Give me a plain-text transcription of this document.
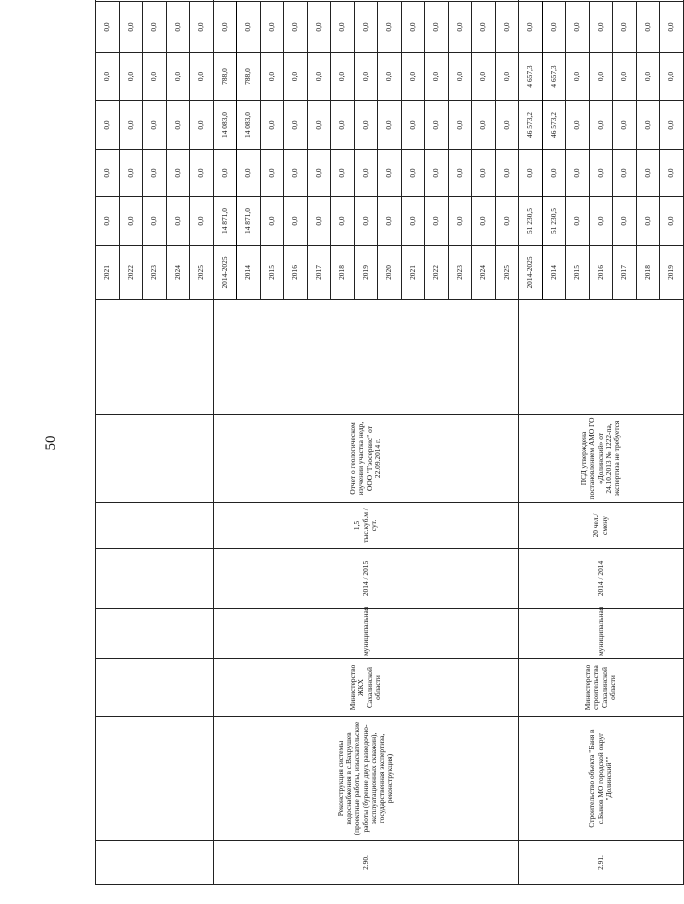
50
								2021	0,0	0,0	0,0	0,0	0,0	
								2022	0,0	0,0	0,0	0,0	0,0	
								2023	0,0	0,0	0,0	0,0	0,0	
								2024	0,0	0,0	0,0	0,0	0,0	
								2025	0,0	0,0	0,0	0,0	0,0	
2.90.	Реконструкция системы водоснабжения в с.Вахрушев (проектные работы, изыскательские работы (бурение двух разведочно-эксплуатационных скважин), государственная экспертиза, реконструкция)	Министерство ЖКХ Сахалинской области	муниципальная	2014 / 2015	1,5 тыс.куб.м /сут.	Отчет о геологическом изучении участка недр, ООО "Гэосервис" от 22.09.2014 г.		2014-2025	14 871,0	0,0	14 083,0	788,0	0,0	
								2014	14 871,0	0,0	14 083,0	788,0	0,0	
								2015	0,0	0,0	0,0	0,0	0,0	
								2016	0,0	0,0	0,0	0,0	0,0	
								2017	0,0	0,0	0,0	0,0	0,0	
								2018	0,0	0,0	0,0	0,0	0,0	
								2019	0,0	0,0	0,0	0,0	0,0	
								2020	0,0	0,0	0,0	0,0	0,0	
								2021	0,0	0,0	0,0	0,0	0,0	
								2022	0,0	0,0	0,0	0,0	0,0	
								2023	0,0	0,0	0,0	0,0	0,0	
								2024	0,0	0,0	0,0	0,0	0,0	
								2025	0,0	0,0	0,0	0,0	0,0	
2.91.	Строительство объекта "Баня в с.Быков МО городской округ "Долинский""	Министерство строительства Сахалинской области	муниципальная	2014 / 2014	20 чел./смену	ПСД утверждена постановлением АМО ГО «Долинский» от 24.10.2013 № 1222-па, экспертиза не требуется		2014-2025	51 230,5	0,0	46 573,2	4 657,3	0,0	
								2014	51 230,5	0,0	46 573,2	4 657,3	0,0	
								2015	0,0	0,0	0,0	0,0	0,0	
								2016	0,0	0,0	0,0	0,0	0,0	
								2017	0,0	0,0	0,0	0,0	0,0	
								2018	0,0	0,0	0,0	0,0	0,0	
								2019	0,0	0,0	0,0	0,0	0,0	
